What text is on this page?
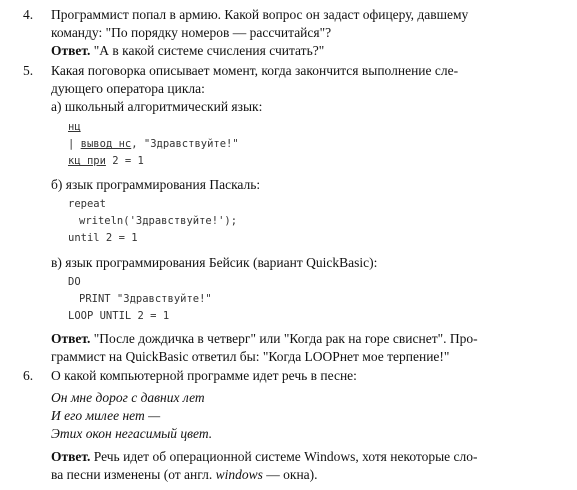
4. Программист попал в армию. Какой вопрос он задаст офицеру, давшему

команду: "По порядку номеров — рассчитайся"?

Ответ. "А в какой системе счисления считать?"

5. Какая поговорка описывает момент, когда закончится выполнение сле-

дующего оператора цикла:

а) школьный алгоритмический язык:

нц

| вывод нс, "Здравствуйте!"

кц при 2 = 1

б) язык программирования Паскаль:

repeat

writeln('Здравствуйте!');

until 2 = 1

в) язык программирования Бейсик (вариант QuickBasic):

DO

PRINT "Здравствуйте!"

LOOP UNTIL 2 = 1

Ответ. "После дождичка в четверг" или "Когда рак на горе свиснет". Про-

граммист на QuickBasic ответил бы: "Когда LOOPнет мое терпение!"

6. О какой компьютерной программе идет речь в песне:

Он мне дорог с давних лет

И его милее нет —

Этих окон негасимый цвет.

Ответ. Речь идет об операционной системе Windows, хотя некоторые сло-

ва песни изменены (от англ. windows — окна).
